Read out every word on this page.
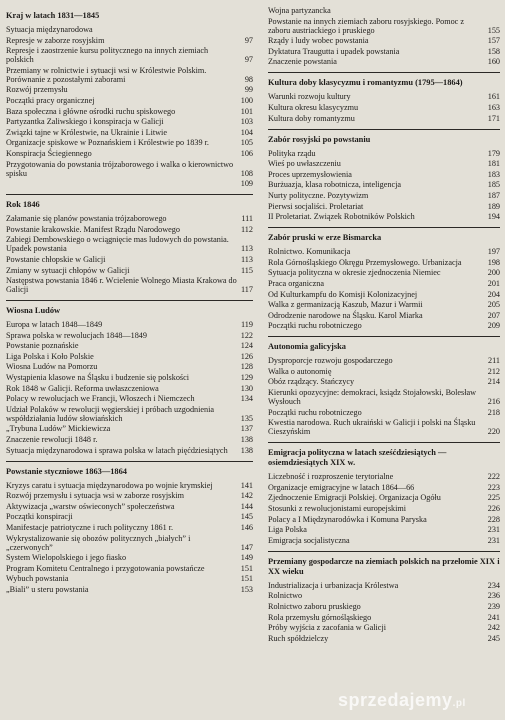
Kraj w latach 1831—1845
Sytuacja międzynarodowa
Represje w zaborze rosyjskim	97
Represje i zaostrzenie kursu politycznego na innych ziemiach polskich	97
Przemiany w rolnictwie i sytuacji wsi w Królestwie Polskim. Porównanie z pozostałymi zaborami	98
Rozwój przemysłu	99
Początki pracy organicznej	100
Baza społeczna i główne ośrodki ruchu spiskowego	101
Partyzantka Zaliwskiego i konspiracja w Galicji	103
Związki tajne w Królestwie, na Ukrainie i Litwie	104
Organizacje spiskowe w Poznańskiem i Królestwie po 1839 r.	105
Konspiracja Ściegiennego	106
Przygotowania do powstania trójzaborowego i walka o kierownictwo spisku	108
109
Rok 1846
Załamanie się planów powstania trójzaborowego	111
Powstanie krakowskie. Manifest Rządu Narodowego	112
Zabiegi Dembowskiego o wciągnięcie mas ludowych do powstania. Upadek powstania	113
Powstanie chłopskie w Galicji	113
Zmiany w sytuacji chłopów w Galicji	115
Następstwa powstania 1846 r. Wcielenie Wolnego Miasta Krakowa do Galicji	117
Wiosna Ludów
Europa w latach 1848—1849	119
Sprawa polska w rewolucjach 1848—1849	122
Powstanie poznańskie	124
Liga Polska i Koło Polskie	126
Wiosna Ludów na Pomorzu	128
Wystąpienia klasowe na Śląsku i budzenie się polskości	129
Rok 1848 w Galicji. Reforma uwłaszczeniowa	130
Polacy w rewolucjach we Francji, Włoszech i Niemczech	134
Udział Polaków w rewolucji węgierskiej i próbach uzgodnienia współdziałania ludów słowiańskich	135
„Trybuna Ludów” Mickiewicza	137
Znaczenie rewolucji 1848 r.	138
Sytuacja międzynarodowa i sprawa polska w latach pięćdziesiątych	138
Powstanie styczniowe 1863—1864
Kryzys caratu i sytuacja międzynarodowa po wojnie krymskiej	141
Rozwój przemysłu i sytuacja wsi w zaborze rosyjskim	142
Aktywizacja „warstw oświeconych” społeczeństwa	144
Początki konspiracji	145
Manifestacje patriotyczne i ruch polityczny 1861 r.	146
Wykrystalizowanie się obozów politycznych „białych” i „czerwonych”	147
System Wielopolskiego i jego fiasko	149
Program Komitetu Centralnego i przygotowania powstańcze	151
Wybuch powstania	151
„Biali” u steru powstania	153
Wojna partyzancka
Powstanie na innych ziemiach zaboru rosyjskiego. Pomoc z zaboru austriackiego i pruskiego	155
Rządy i ludy wobec powstania	157
Dyktatura Traugutta i upadek powstania	158
Znaczenie powstania	160
Kultura doby klasycyzmu i romantyzmu (1795—1864)
Warunki rozwoju kultury	161
Kultura okresu klasycyzmu	163
Kultura doby romantyzmu	171
Zabór rosyjski po powstaniu
Polityka rządu	179
Wieś po uwłaszczeniu	181
Proces uprzemysłowienia	183
Burżuazja, klasa robotnicza, inteligencja	185
Nurty polityczne. Pozytywizm	187
Pierwsi socjaliści. Proletariat	189
II Proletariat. Związek Robotników Polskich	194
Zabór pruski w erze Bismarcka
Rolnictwo. Komunikacja	197
Rola Górnośląskiego Okręgu Przemysłowego. Urbanizacja	198
Sytuacja polityczna w okresie zjednoczenia Niemiec	200
Praca organiczna	201
Od Kulturkampfu do Komisji Kolonizacyjnej	204
Walka z germanizacją Kaszub, Mazur i Warmii	205
Odrodzenie narodowe na Śląsku. Karol Miarka	207
Początki ruchu robotniczego	209
Autonomia galicyjska
Dysproporcje rozwoju gospodarczego	211
Walka o autonomię	212
Obóz rządzący. Stańczycy	214
Kierunki opozycyjne: demokraci, ksiądz Stojałowski, Bolesław Wysłouch	216
Początki ruchu robotniczego	218
Kwestia narodowa. Ruch ukraiński w Galicji i polski na Śląsku Cieszyńskim	220
Emigracja polityczna w latach sześćdziesiątych — osiemdziesiątych XIX w.
Liczebność i rozproszenie terytorialne	222
Organizacje emigracyjne w latach 1864—66	223
Zjednoczenie Emigracji Polskiej. Organizacja Ogółu	225
Stosunki z rewolucjonistami europejskimi	226
Polacy a I Międzynarodówka i Komuna Paryska	228
Liga Polska	231
Emigracja socjalistyczna	231
Przemiany gospodarcze na ziemiach polskich na przełomie XIX i XX wieku
Industrializacja i urbanizacja Królestwa	234
Rolnictwo	236
Rolnictwo zaboru pruskiego	239
Rola przemysłu górnośląskiego	241
Próby wyjścia z zacofania w Galicji	242
Ruch spółdzielczy	245
sprzedajemy.pl
